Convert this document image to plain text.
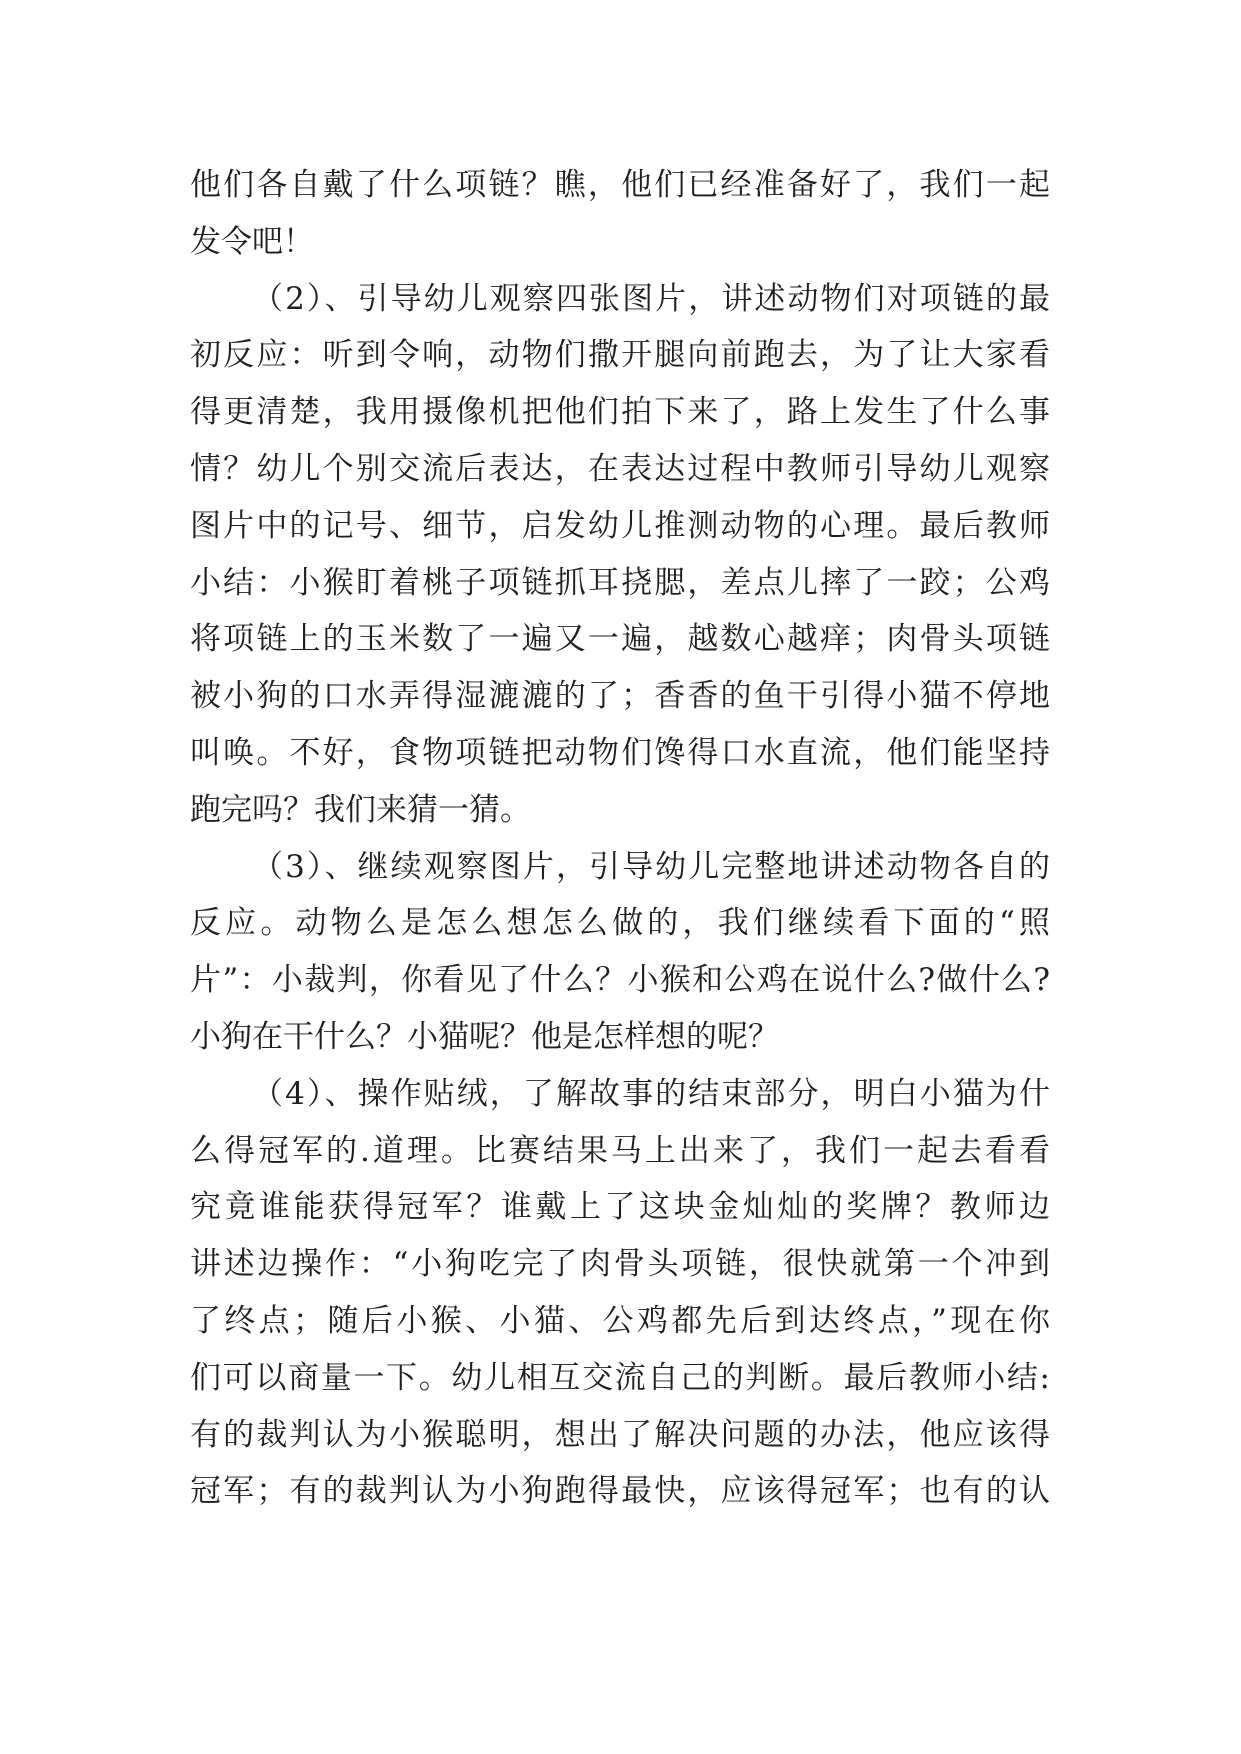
他们各自戴了什么项链？瞧，他们已经准备好了，我们一起
发令吧！
（2）、引导幼儿观察四张图片，讲述动物们对项链的最
初反应：听到令响，动物们撒开腿向前跑去，为了让大家看
得更清楚，我用摄像机把他们拍下来了，路上发生了什么事
情？幼儿个别交流后表达，在表达过程中教师引导幼儿观察
图片中的记号、细节，启发幼儿推测动物的心理。最后教师
小结：小猴盯着桃子项链抓耳挠腮，差点儿摔了一跤；公鸡
将项链上的玉米数了一遍又一遍，越数心越痒；肉骨头项链
被小狗的口水弄得湿漉漉的了；香香的鱼干引得小猫不停地
叫唤。不好，食物项链把动物们馋得口水直流，他们能坚持
跑完吗？我们来猜一猜。
（3）、继续观察图片，引导幼儿完整地讲述动物各自的
反应。动物么是怎么想怎么做的，我们继续看下面的“照
片”：小裁判，你看见了什么？小猴和公鸡在说什么?做什么?
小狗在干什么？小猫呢？他是怎样想的呢？
（4）、操作贴绒，了解故事的结束部分，明白小猫为什
么得冠军的.道理。比赛结果马上出来了，我们一起去看看
究竟谁能获得冠军？谁戴上了这块金灿灿的奖牌？教师边
讲述边操作：“小狗吃完了肉骨头项链，很快就第一个冲到
了终点；随后小猴、小猫、公鸡都先后到达终点，”现在你
们可以商量一下。幼儿相互交流自己的判断。最后教师小结:
有的裁判认为小猴聪明，想出了解决问题的办法，他应该得
冠军；有的裁判认为小狗跑得最快，应该得冠军；也有的认
